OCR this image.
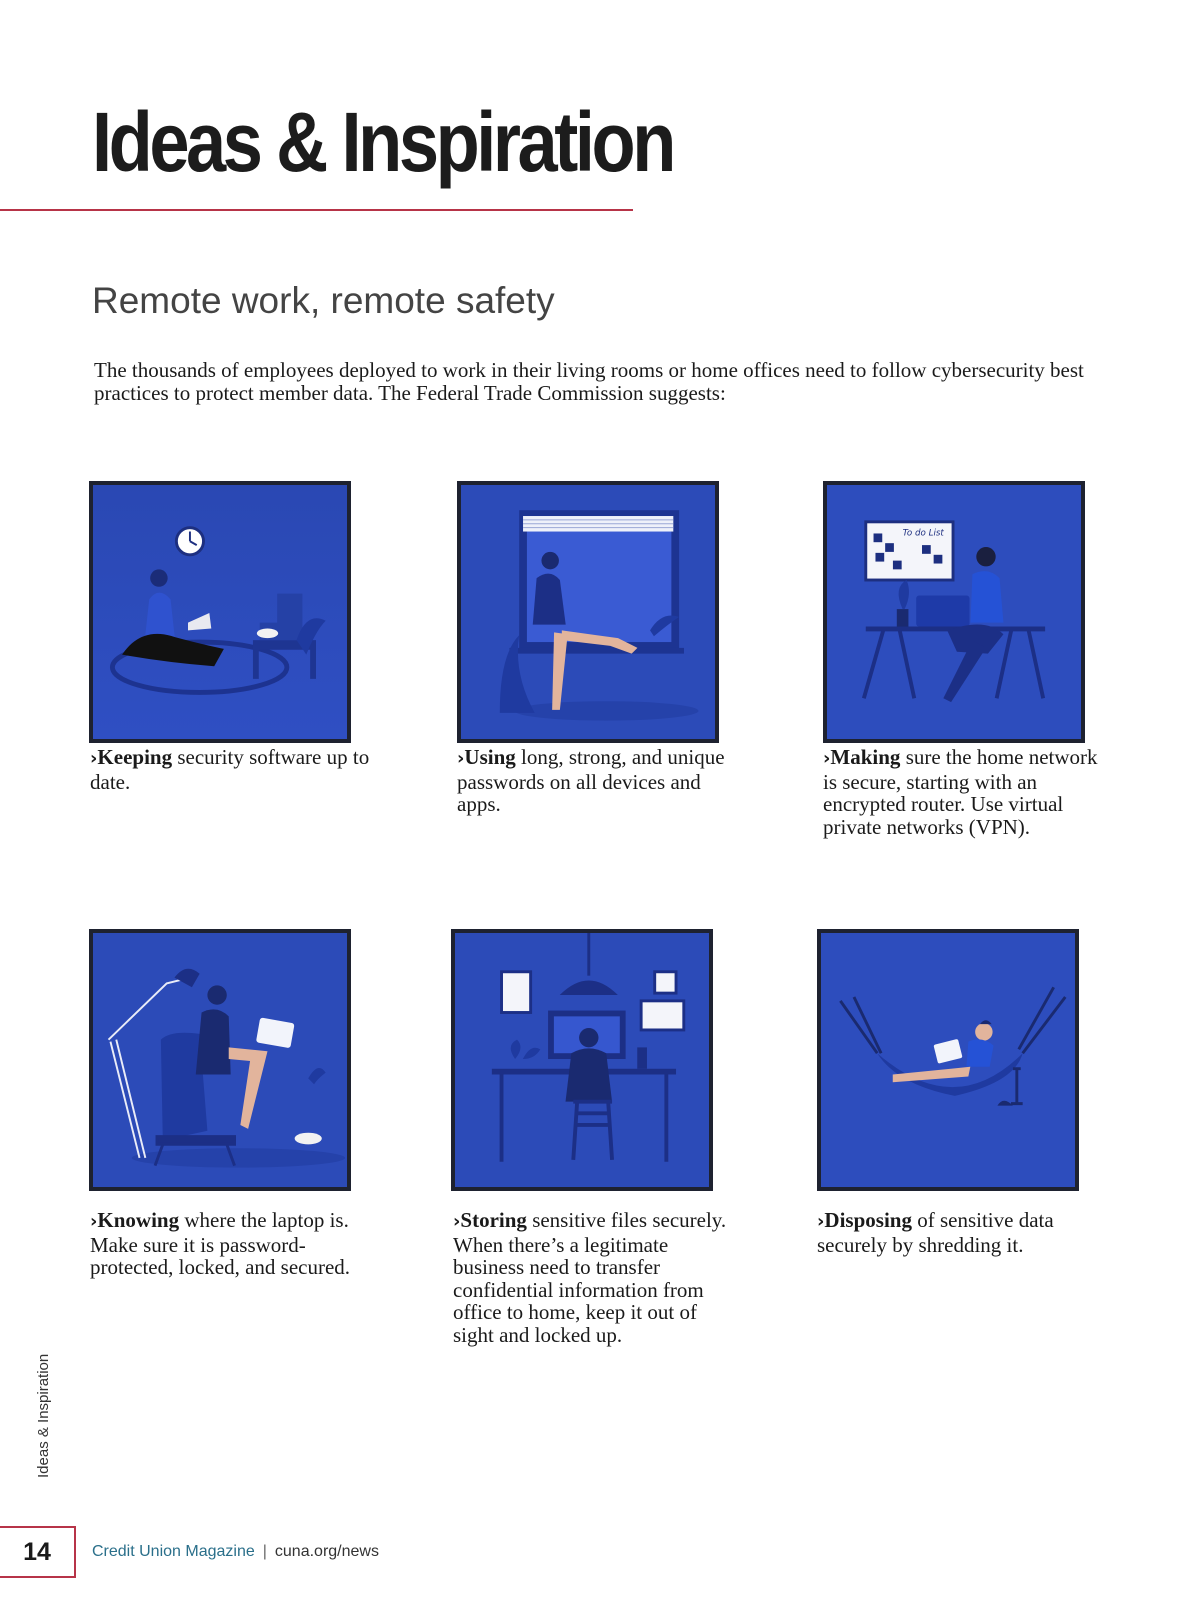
Ideas & Inspiration
Remote work, remote safety

The thousands of employees deployed to work in their living rooms or home offices need to follow cybersecurity best practices to protect member data. The Federal Trade Commission suggests:

›Keeping security software up to date.

›Using long, strong, and unique passwords on all devices and apps.

To do List

›Making sure the home network is secure, starting with an encrypted router. Use virtual private networks (VPN).

›Knowing where the laptop is. Make sure it is password-protected, locked, and secured.

›Storing sensitive files securely. When there’s a legitimate business need to transfer confidential information from office to home, keep it out of sight and locked up.

›Disposing of sensitive data securely by shredding it.

Ideas & Inspiration
14	Credit Union Magazine | cuna.org/news
